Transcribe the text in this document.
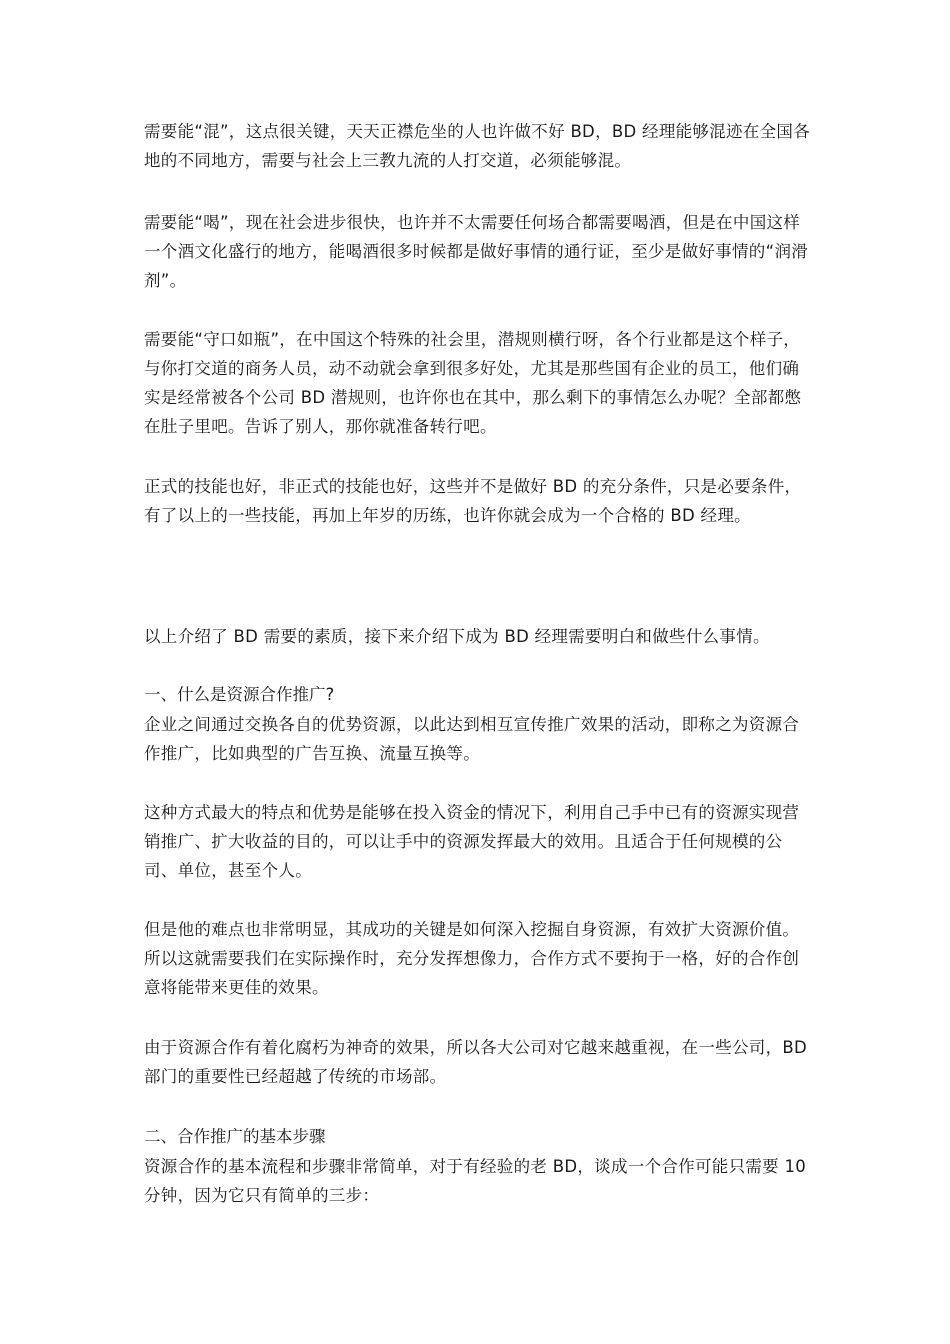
需要能“混”，这点很关键，天天正襟危坐的人也许做不好 BD，BD 经理能够混迹在全国各地的不同地方，需要与社会上三教九流的人打交道，必须能够混。

需要能“喝”，现在社会进步很快，也许并不太需要任何场合都需要喝酒，但是在中国这样一个酒文化盛行的地方，能喝酒很多时候都是做好事情的通行证，至少是做好事情的“润滑剂”。

需要能“守口如瓶”，在中国这个特殊的社会里，潜规则横行呀，各个行业都是这个样子，与你打交道的商务人员，动不动就会拿到很多好处，尤其是那些国有企业的员工，他们确实是经常被各个公司 BD 潜规则，也许你也在其中，那么剩下的事情怎么办呢？全部都憋在肚子里吧。告诉了别人，那你就准备转行吧。

正式的技能也好，非正式的技能也好，这些并不是做好 BD 的充分条件，只是必要条件，有了以上的一些技能，再加上年岁的历练，也许你就会成为一个合格的 BD 经理。

以上介绍了 BD 需要的素质，接下来介绍下成为 BD 经理需要明白和做些什么事情。

一、什么是资源合作推广?

企业之间通过交换各自的优势资源，以此达到相互宣传推广效果的活动，即称之为资源合作推广，比如典型的广告互换、流量互换等。

这种方式最大的特点和优势是能够在投入资金的情况下，利用自己手中已有的资源实现营销推广、扩大收益的目的，可以让手中的资源发挥最大的效用。且适合于任何规模的公司、单位，甚至个人。

但是他的难点也非常明显，其成功的关键是如何深入挖掘自身资源，有效扩大资源价值。所以这就需要我们在实际操作时，充分发挥想像力，合作方式不要拘于一格，好的合作创意将能带来更佳的效果。

由于资源合作有着化腐朽为神奇的效果，所以各大公司对它越来越重视，在一些公司，BD 部门的重要性已经超越了传统的市场部。

二、合作推广的基本步骤

资源合作的基本流程和步骤非常简单，对于有经验的老 BD，谈成一个合作可能只需要 10 分钟，因为它只有简单的三步：
